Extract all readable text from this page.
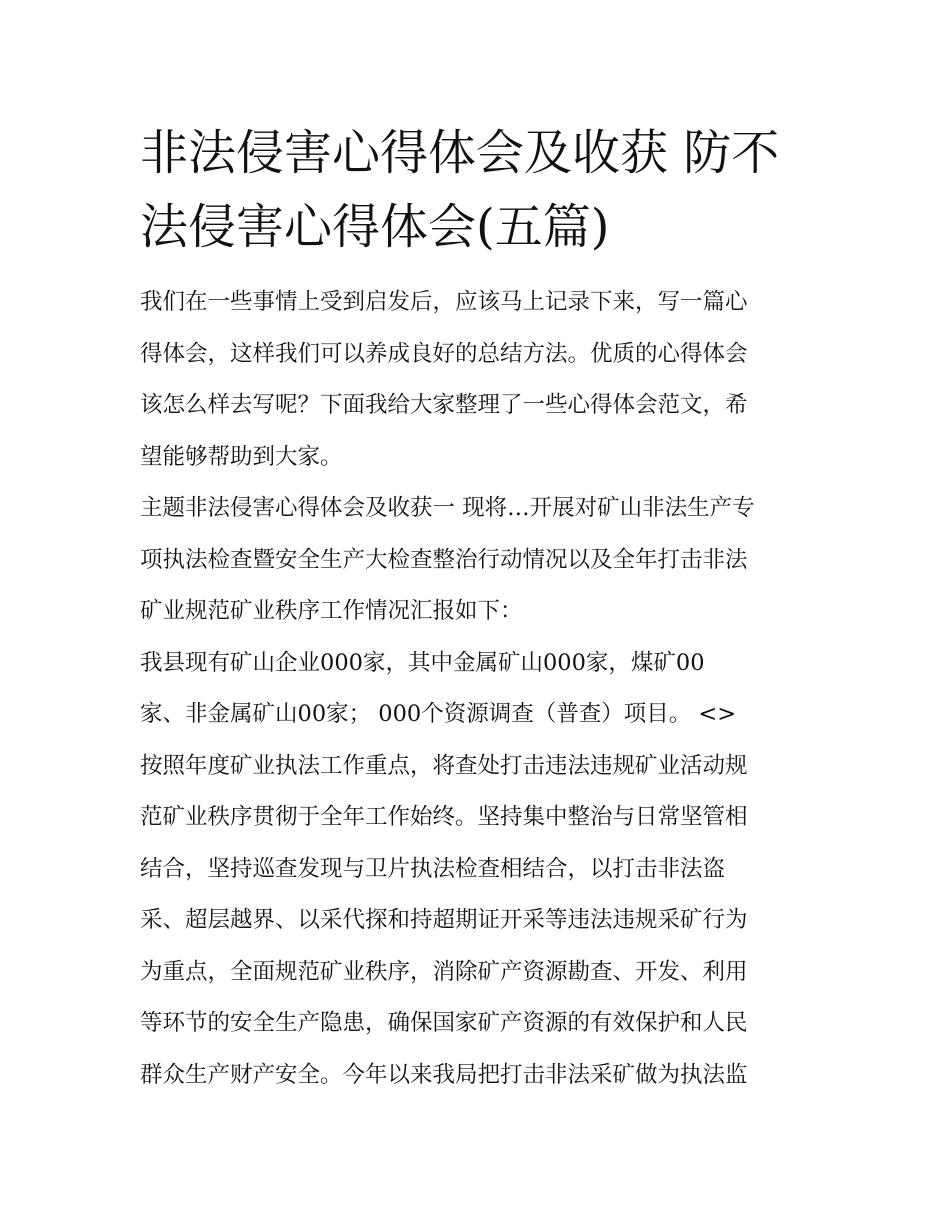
非法侵害心得体会及收获 防不
法侵害心得体会(五篇)
我们在一些事情上受到启发后，应该马上记录下来，写一篇心
得体会，这样我们可以养成良好的总结方法。优质的心得体会
该怎么样去写呢？下面我给大家整理了一些心得体会范文，希
望能够帮助到大家。
主题非法侵害心得体会及收获一 现将…开展对矿山非法生产专
项执法检查暨安全生产大检查整治行动情况以及全年打击非法
矿业规范矿业秩序工作情况汇报如下：
我县现有矿山企业000家，其中金属矿山000家，煤矿00
家、非金属矿山00家； 000个资源调查（普查）项目。 <>
按照年度矿业执法工作重点，将查处打击违法违规矿业活动规
范矿业秩序贯彻于全年工作始终。坚持集中整治与日常坚管相
结合，坚持巡查发现与卫片执法检查相结合，以打击非法盗
采、超层越界、以采代探和持超期证开采等违法违规采矿行为
为重点，全面规范矿业秩序，消除矿产资源勘查、开发、利用
等环节的安全生产隐患，确保国家矿产资源的有效保护和人民
群众生产财产安全。今年以来我局把打击非法采矿做为执法监
